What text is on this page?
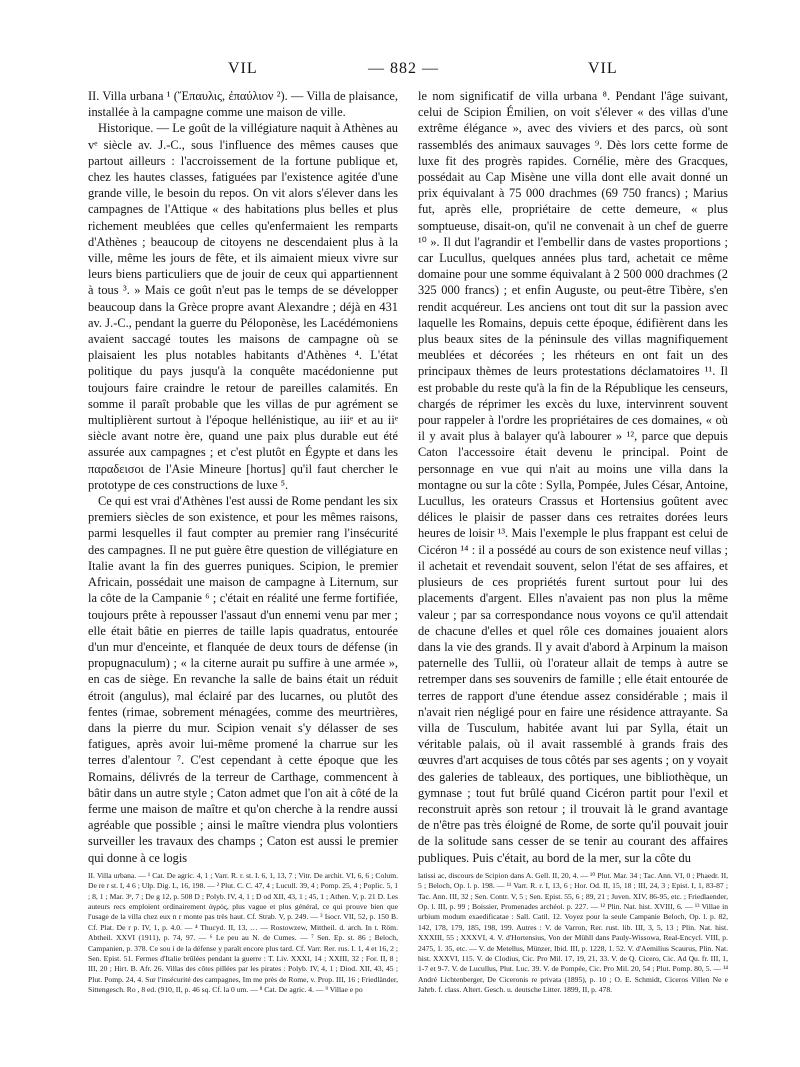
VIL	— 882 —	VIL

II. Villa urbana ¹ (Ἔπαυλις, ἐπαύλιον ²). — Villa de plaisance, installée à la campagne comme une maison de ville.

Historique. — Le goût de la villégiature naquit à Athènes au vᵉ siècle av. J.-C., sous l'influence des mêmes causes que partout ailleurs : l'accroissement de la fortune publique et, chez les hautes classes, fatiguées par l'existence agitée d'une grande ville, le besoin du repos. On vit alors s'élever dans les campagnes de l'Attique « des habitations plus belles et plus richement meublées que celles qu'enfermaient les remparts d'Athènes ; beaucoup de citoyens ne descendaient plus à la ville, même les jours de fête, et ils aimaient mieux vivre sur leurs biens particuliers que de jouir de ceux qui appartiennent à tous ³. » Mais ce goût n'eut pas le temps de se développer beaucoup dans la Grèce propre avant Alexandre ; déjà en 431 av. J.-C., pendant la guerre du Péloponèse, les Lacédémoniens avaient saccagé toutes les maisons de campagne où se plaisaient les plus notables habitants d'Athènes ⁴. L'état politique du pays jusqu'à la conquête macédonienne put toujours faire craindre le retour de pareilles calamités. En somme il paraît probable que les villas de pur agrément se multiplièrent surtout à l'époque hellénistique, au iiiᵉ et au iiᵉ siècle avant notre ère, quand une paix plus durable eut été assurée aux campagnes ; et c'est plutôt en Égypte et dans les παραδεισοι de l'Asie Mineure [hortus] qu'il faut chercher le prototype de ces constructions de luxe ⁵.

Ce qui est vrai d'Athènes l'est aussi de Rome pendant les six premiers siècles de son existence, et pour les mêmes raisons, parmi lesquelles il faut compter au premier rang l'insécurité des campagnes. Il ne put guère être question de villégiature en Italie avant la fin des guerres puniques. Scipion, le premier Africain, possédait une maison de campagne à Liternum, sur la côte de la Campanie ⁶ ; c'était en réalité une ferme fortifiée, toujours prête à repousser l'assaut d'un ennemi venu par mer ; elle était bâtie en pierres de taille lapis quadratus, entourée d'un mur d'enceinte, et flanquée de deux tours de défense (in propugnaculum) ; « la citerne aurait pu suffire à une armée », en cas de siège. En revanche la salle de bains était un réduit étroit (angulus), mal éclairé par des lucarnes, ou plutôt des fentes (rimae, sobrement ménagées, comme des meurtrières, dans la pierre du mur. Scipion venait s'y délasser de ses fatigues, après avoir lui-même promené la charrue sur les terres d'alentour ⁷. C'est cependant à cette époque que les Romains, délivrés de la terreur de Carthage, commencent à bâtir dans un autre style ; Caton admet que l'on ait à côté de la ferme une maison de maître et qu'on cherche à la rendre aussi agréable que possible ; ainsi le maître viendra plus volontiers surveiller les travaux des champs ; Caton est aussi le premier qui donne à ce logis

II. Villa urbana. — ¹ Cat. De agric. 4, 1 ; Varr. R. r. st. I. 6, 1, 13, 7 ; Vitr. De archit. VI, 6, 6 ; Colum. De re r st. I, 4 6 ; Ulp. Dig. L, 16, 198. — ² Plut. C. C. 47, 4 ; Lucull. 39, 4 ; Pomp. 25, 4 ; Poplic. 5, 1 ; 8, 1 ; Mar. 3ᵉ, 7 ; De g 12, p. 508 D ; Polyb. IV, 4, 1 ; D od XII, 43, 1 ; 45, 1 ; Athen. V, p. 21 D. Les auteurs recs emploient ordinairement ἀγρός, plus vague et plus général, ce qui prouve bien que l'usage de la villa chez eux n r monte pas très haut. Cf. Strab. V, p. 249. — ³ Isocr. VII, 52, p. 150 B. Cf. Plat. De r p. IV, 1, p. 4.0. — ⁴ Thucyd. II, 13, … — Rostowzew, Mittheil. d. arch. In t. Röm. Abtheil. XXVI (1911), p. 74, 97. — ⁶ Le peu au N. de Cumes. — ⁷ Sen. Ep. st. 86 ; Beloch, Campanien, p. 378. Ce sou i de la défense y paraît encore plus tard. Cf. Varr. Rer. rus. I. 1, 4 et 16, 2 ; Sen. Epist. 51. Fermes d'Italie brûlées pendant la guerre : T. Liv. XXXI, 14 ; XXIII, 32 ; For. II, 8 ; III, 20 ; Hirt. B. Afr. 26. Villas des côtes pillées par les pirates : Polyb. IV, 4, 1 ; Diod. XII, 43, 45 ; Plut. Pomp. 24, 4. Sur l'insécurité des campagnes, Im me près de Rome, v. Prop. III, 16 ; Friedländer, Sittengesch. Ro , 8 ed. (910, II, p. 46 sq. Cf. la 0 um. — ⁸ Cat. De agric. 4. — ⁹ Villae e po

le nom significatif de villa urbana ⁸. Pendant l'âge suivant, celui de Scipion Émilien, on voit s'élever « des villas d'une extrême élégance », avec des viviers et des parcs, où sont rassemblés des animaux sauvages ⁹. Dès lors cette forme de luxe fit des progrès rapides. Cornélie, mère des Gracques, possédait au Cap Misène une villa dont elle avait donné un prix équivalant à 75 000 drachmes (69 750 francs) ; Marius fut, après elle, propriétaire de cette demeure, « plus somptueuse, disait-on, qu'il ne convenait à un chef de guerre ¹⁰ ». Il dut l'agrandir et l'embellir dans de vastes proportions ; car Lucullus, quelques années plus tard, achetait ce même domaine pour une somme équivalant à 2 500 000 drachmes (2 325 000 francs) ; et enfin Auguste, ou peut-être Tibère, s'en rendit acquéreur. Les anciens ont tout dit sur la passion avec laquelle les Romains, depuis cette époque, édifièrent dans les plus beaux sites de la péninsule des villas magnifiquement meublées et décorées ; les rhéteurs en ont fait un des principaux thèmes de leurs protestations déclamatoires ¹¹. Il est probable du reste qu'à la fin de la République les censeurs, chargés de réprimer les excès du luxe, intervinrent souvent pour rappeler à l'ordre les propriétaires de ces domaines, « où il y avait plus à balayer qu'à labourer » ¹², parce que depuis Caton l'accessoire était devenu le principal. Point de personnage en vue qui n'ait au moins une villa dans la montagne ou sur la côte : Sylla, Pompée, Jules César, Antoine, Lucullus, les orateurs Crassus et Hortensius goûtent avec délices le plaisir de passer dans ces retraites dorées leurs heures de loisir ¹³. Mais l'exemple le plus frappant est celui de Cicéron ¹⁴ : il a possédé au cours de son existence neuf villas ; il achetait et revendait souvent, selon l'état de ses affaires, et plusieurs de ces propriétés furent surtout pour lui des placements d'argent. Elles n'avaient pas non plus la même valeur ; par sa correspondance nous voyons ce qu'il attendait de chacune d'elles et quel rôle ces domaines jouaient alors dans la vie des grands. Il y avait d'abord à Arpinum la maison paternelle des Tullii, où l'orateur allait de temps à autre se retremper dans ses souvenirs de famille ; elle était entourée de terres de rapport d'une étendue assez considérable ; mais il n'avait rien négligé pour en faire une résidence attrayante. Sa villa de Tusculum, habitée avant lui par Sylla, était un véritable palais, où il avait rassemblé à grands frais des œuvres d'art acquises de tous côtés par ses agents ; on y voyait des galeries de tableaux, des portiques, une bibliothèque, un gymnase ; tout fut brûlé quand Cicéron partit pour l'exil et reconstruit après son retour ; il trouvait là le grand avantage de n'être pas très éloigné de Rome, de sorte qu'il pouvait jouir de la solitude sans cesser de se tenir au courant des affaires publiques. Puis c'était, au bord de la mer, sur la côte du

latissi ac, discours de Scipion dans A. Gell. II, 20, 4. — ¹⁰ Plut. Mar. 34 ; Tac. Ann. VI, 0 ; Phaedr. II, 5 ; Beloch, Op. l. p. 198. — ¹¹ Varr. R. r. I, 13, 6 ; Hor. Od. II, 15, 18 ; III, 24, 3 ; Epist. I, 1, 83-87 ; Tac. Ann. III, 32 ; Sen. Contr. V, 5 ; Sen. Epist. 55, 6 ; 89, 21 ; Juven. XIV, 86-95, etc. ; Friedlaender, Op. l. III, p. 99 ; Boissier, Promenades archéol. p. 227. — ¹² Plin. Nat. hist. XVIII, 6. — ¹³ Villae in urbium modum exaedificatae : Sall. Catil. 12. Voyez pour la seule Campanie Beloch, Op. l. p. 82, 142, 178, 179, 185, 198, 199. Autres : V. de Varron, Rer. rust. lib. III, 3, 5, 13 ; Plin. Nat. hist. XXXIII, 55 ; XXXVI, 4. V. d'Hortensius, Von der Mühll dans Pauly-Wissowa, Real-Encycl. VIII, p. 2475, 1. 35, etc. — V. de Metellus, Münzer, Ibid. III, p. 1228, 1. 52. V. d'Aemilius Scaurus, Plin. Nat. hist. XXXVI, 115. V. de Clodius, Cic. Pro Mil. 17, 19, 21, 33. V. de Q. Cicero, Cic. Ad Qu. fr. III, 1, 1-7 et 9-7. V. de Lucullus, Plut. Luc. 39. V. de Pompée, Cic. Pro Mil. 20, 54 ; Plut. Pomp. 80, 5. — ¹⁴ André Lichtenberger, De Ciceronis re privata (1895), p. 10 ; O. E. Schmidt, Ciceros Villen Ne e Jahrb. f. class. Altert. Gesch. u. deutsche Litter. 1899, II, p. 478.
